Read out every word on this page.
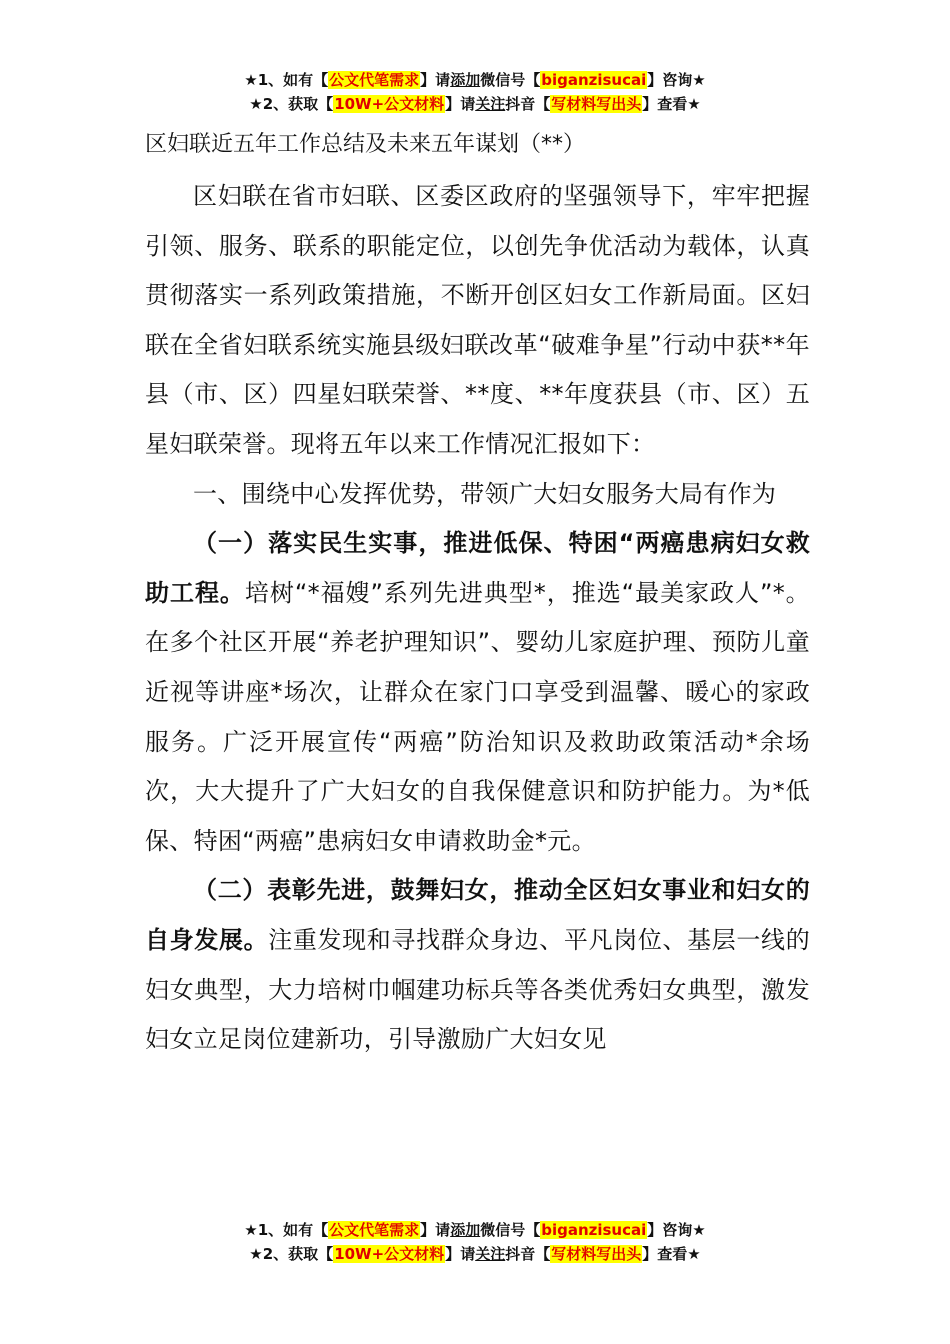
★1、如有【公文代笔需求】请添加微信号【biganzisucai】咨询★
★2、获取【10W+公文材料】请关注抖音【写材料写出头】查看★
区妇联近五年工作总结及未来五年谋划（**）

区妇联在省市妇联、区委区政府的坚强领导下，牢牢把握引领、服务、联系的职能定位，以创先争优活动为载体，认真贯彻落实一系列政策措施，不断开创区妇女工作新局面。区妇联在全省妇联系统实施县级妇联改革“破难争星”行动中获**年县（市、区）四星妇联荣誉、**度、**年度获县（市、区）五星妇联荣誉。现将五年以来工作情况汇报如下：

一、围绕中心发挥优势，带领广大妇女服务大局有作为

（一）落实民生实事，推进低保、特困“两癌患病妇女救助工程。培树“*福嫂”系列先进典型*，推选“最美家政人”*。在多个社区开展“养老护理知识”、婴幼儿家庭护理、预防儿童近视等讲座*场次，让群众在家门口享受到温馨、暖心的家政服务。广泛开展宣传“两癌”防治知识及救助政策活动*余场次，大大提升了广大妇女的自我保健意识和防护能力。为*低保、特困“两癌”患病妇女申请救助金*元。

（二）表彰先进，鼓舞妇女，推动全区妇女事业和妇女的自身发展。注重发现和寻找群众身边、平凡岗位、基层一线的妇女典型，大力培树巾帼建功标兵等各类优秀妇女典型，激发妇女立足岗位建新功，引导激励广大妇女见

★1、如有【公文代笔需求】请添加微信号【biganzisucai】咨询★
★2、获取【10W+公文材料】请关注抖音【写材料写出头】查看★
